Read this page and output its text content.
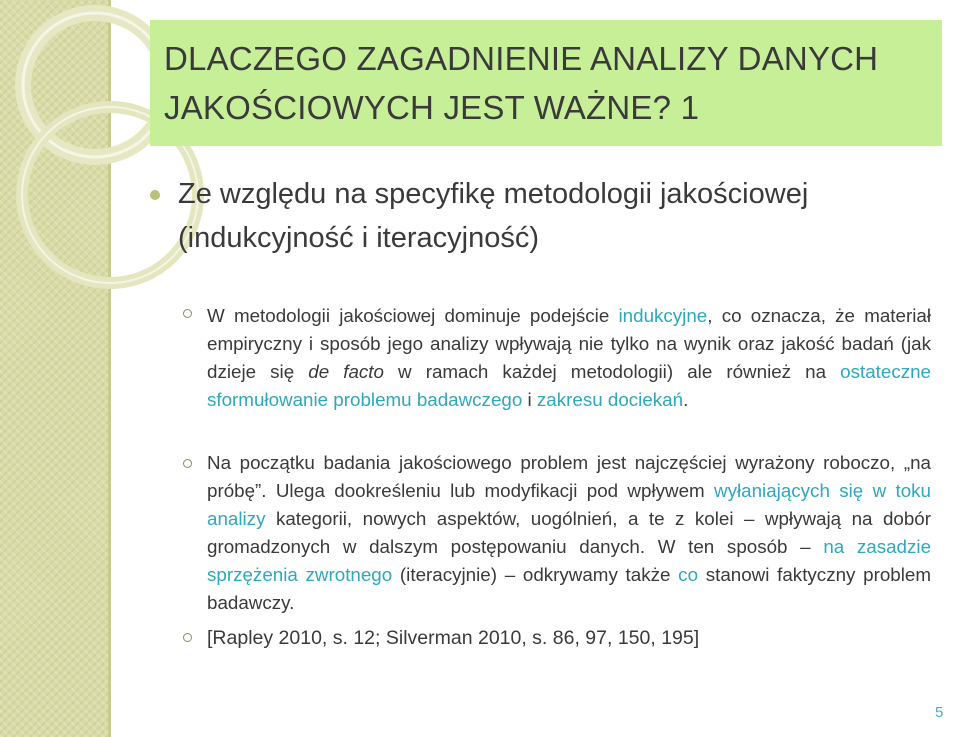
DLACZEGO ZAGADNIENIE ANALIZY DANYCH JAKOŚCIOWYCH JEST WAŻNE? 1
Ze względu na specyfikę metodologii jakościowej (indukcyjność i iteracyjność)
W metodologii jakościowej dominuje podejście indukcyjne, co oznacza, że materiał empiryczny i sposób jego analizy wpływają nie tylko na wynik oraz jakość badań (jak dzieje się de facto w ramach każdej metodologii) ale również na ostateczne sformułowanie problemu badawczego i zakresu dociekań.
Na początku badania jakościowego problem jest najczęściej wyrażony roboczo, „na próbę”. Ulega dookreśleniu lub modyfikacji pod wpływem wyłaniających się w toku analizy kategorii, nowych aspektów, uogólnień, a te z kolei – wpływają na dobór gromadzonych w dalszym postępowaniu danych. W ten sposób – na zasadzie sprzężenia zwrotnego (iteracyjnie) – odkrywamy także co stanowi faktyczny problem badawczy.
[Rapley 2010, s. 12; Silverman 2010, s. 86, 97, 150, 195]
5
